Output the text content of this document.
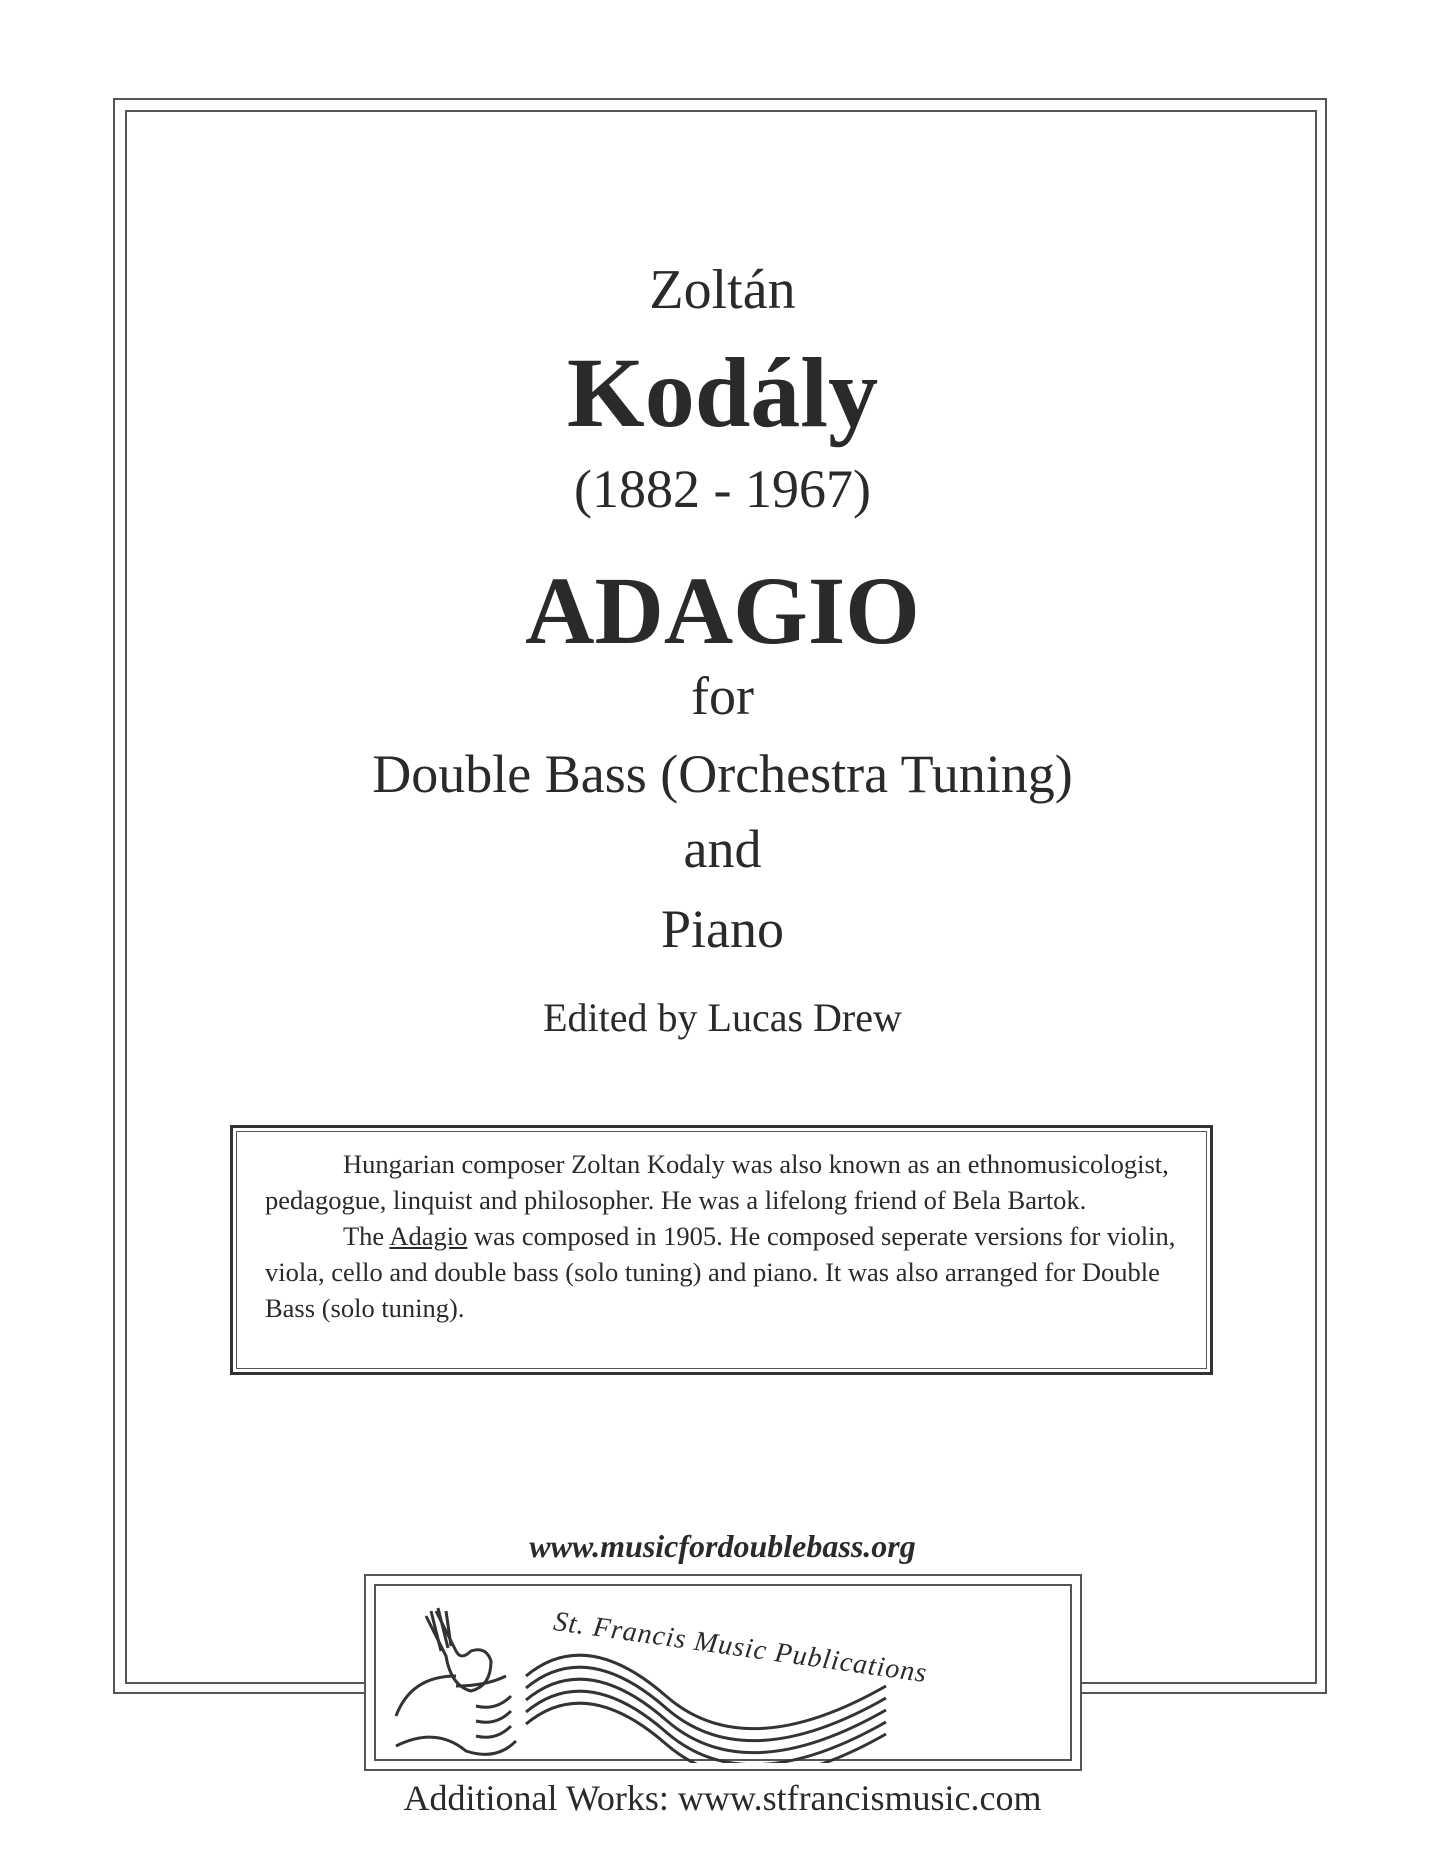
Zoltán
Kodály
(1882 - 1967)
ADAGIO
for
Double Bass (Orchestra Tuning)
and
Piano
Edited by Lucas Drew

Hungarian composer Zoltan Kodaly was also known as an ethnomusicologist, pedagogue, linquist and philosopher. He was a lifelong friend of Bela Bartok.

The Adagio was composed in 1905. He composed seperate versions for violin, viola, cello and double bass (solo tuning) and piano. It was also arranged for Double Bass (solo tuning).

www.musicfordoublebass.org
St. Francis Music Publications
Additional Works: www.stfrancismusic.com
